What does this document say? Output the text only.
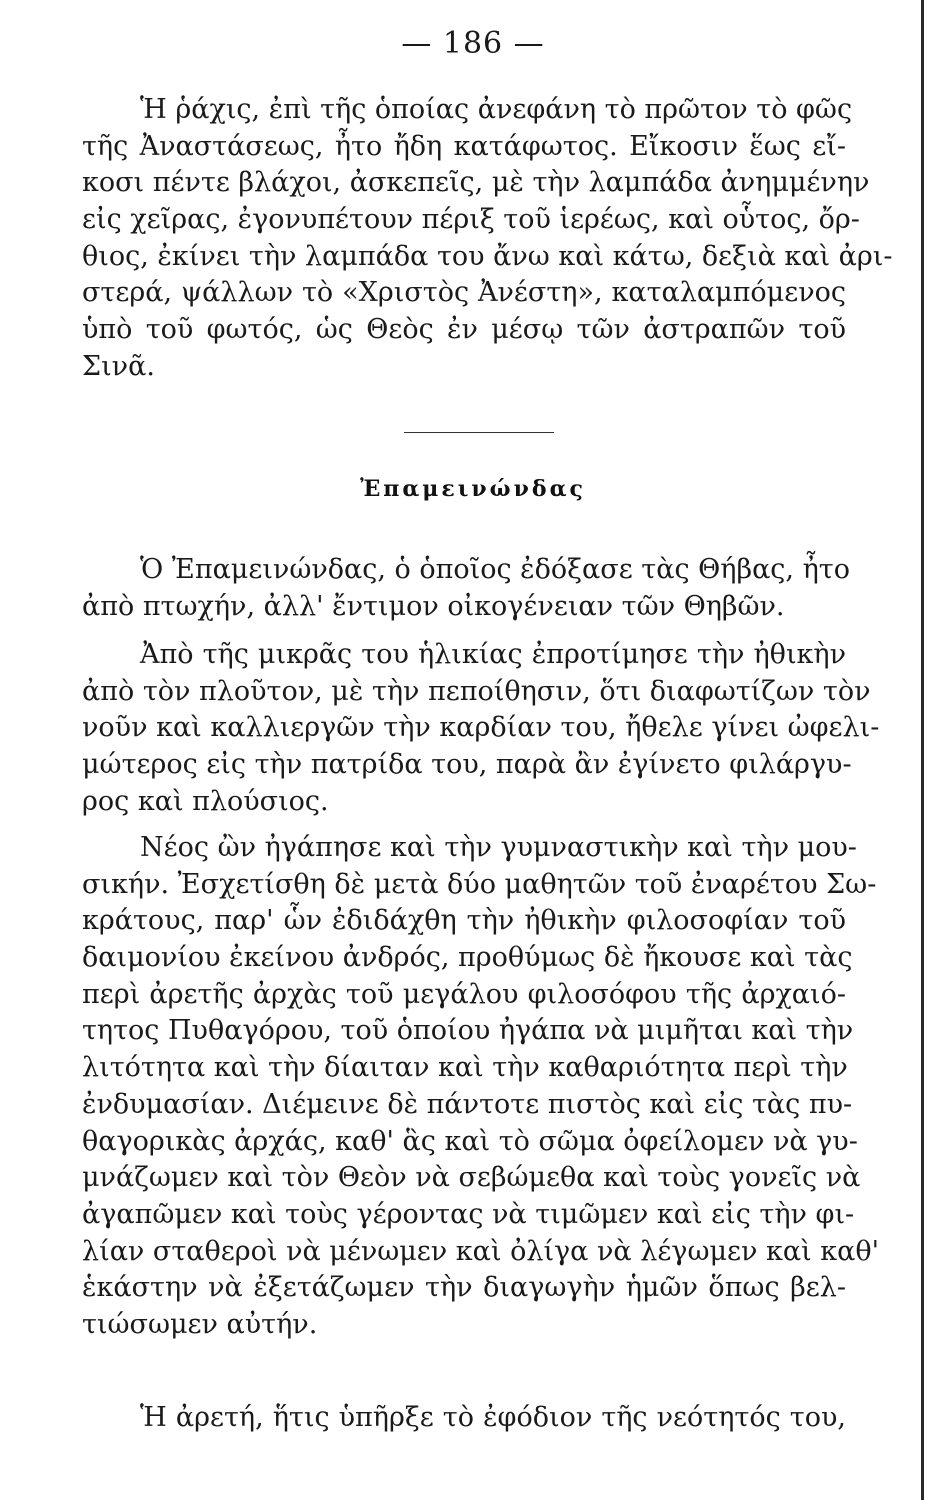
— 186 —
Ἡ ῥάχις, ἐπὶ τῆς ὁποίας ἀνεφάνη τὸ πρῶτον τὸ φῶς
τῆς Ἀναστάσεως, ἦτο ἤδη κατάφωτος. Εἴκοσιν ἕως εἴ-
κοσι πέντε βλάχοι, ἀσκεπεῖς, μὲ τὴν λαμπάδα ἀνημμένην
εἰς χεῖρας, ἐγονυπέτουν πέριξ τοῦ ἱερέως, καὶ οὗτος, ὄρ-
θιος, ἐκίνει τὴν λαμπάδα του ἄνω καὶ κάτω, δεξιὰ καὶ ἀρι-
στερά, ψάλλων τὸ «Χριστὸς Ἀνέστη», καταλαμπόμενος
ὑπὸ τοῦ φωτός, ὡς Θεὸς ἐν μέσῳ τῶν ἀστραπῶν τοῦ
Σινᾶ.
Ἐπαμεινώνδας
Ὁ Ἐπαμεινώνδας, ὁ ὁποῖος ἐδόξασε τὰς Θήβας, ἦτο
ἀπὸ πτωχήν, ἀλλ' ἔντιμον οἰκογένειαν τῶν Θηβῶν.
Ἀπὸ τῆς μικρᾶς του ἡλικίας ἐπροτίμησε τὴν ἠθικὴν
ἀπὸ τὸν πλοῦτον, μὲ τὴν πεποίθησιν, ὅτι διαφωτίζων τὸν
νοῦν καὶ καλλιεργῶν τὴν καρδίαν του, ἤθελε γίνει ὠφελι-
μώτερος εἰς τὴν πατρίδα του, παρὰ ἂν ἐγίνετο φιλάργυ-
ρος καὶ πλούσιος.
Νέος ὢν ἠγάπησε καὶ τὴν γυμναστικὴν καὶ τὴν μου-
σικήν. Ἐσχετίσθη δὲ μετὰ δύο μαθητῶν τοῦ ἐναρέτου Σω-
κράτους, παρ' ὧν ἐδιδάχθη τὴν ἠθικὴν φιλοσοφίαν τοῦ
δαιμονίου ἐκείνου ἀνδρός, προθύμως δὲ ἤκουσε καὶ τὰς
περὶ ἀρετῆς ἀρχὰς τοῦ μεγάλου φιλοσόφου τῆς ἀρχαιό-
τητος Πυθαγόρου, τοῦ ὁποίου ἠγάπα νὰ μιμῆται καὶ τὴν
λιτότητα καὶ τὴν δίαιταν καὶ τὴν καθαριότητα περὶ τὴν
ἐνδυμασίαν. Διέμεινε δὲ πάντοτε πιστὸς καὶ εἰς τὰς πυ-
θαγορικὰς ἀρχάς, καθ' ἃς καὶ τὸ σῶμα ὀφείλομεν νὰ γυ-
μνάζωμεν καὶ τὸν Θεὸν νὰ σεβώμεθα καὶ τοὺς γονεῖς νὰ
ἀγαπῶμεν καὶ τοὺς γέροντας νὰ τιμῶμεν καὶ εἰς τὴν φι-
λίαν σταθεροὶ νὰ μένωμεν καὶ ὀλίγα νὰ λέγωμεν καὶ καθ'
ἑκάστην νὰ ἐξετάζωμεν τὴν διαγωγὴν ἡμῶν ὅπως βελ-
τιώσωμεν αὐτήν.
Ἡ ἀρετή, ἥτις ὑπῆρξε τὸ ἐφόδιον τῆς νεότητός του,
